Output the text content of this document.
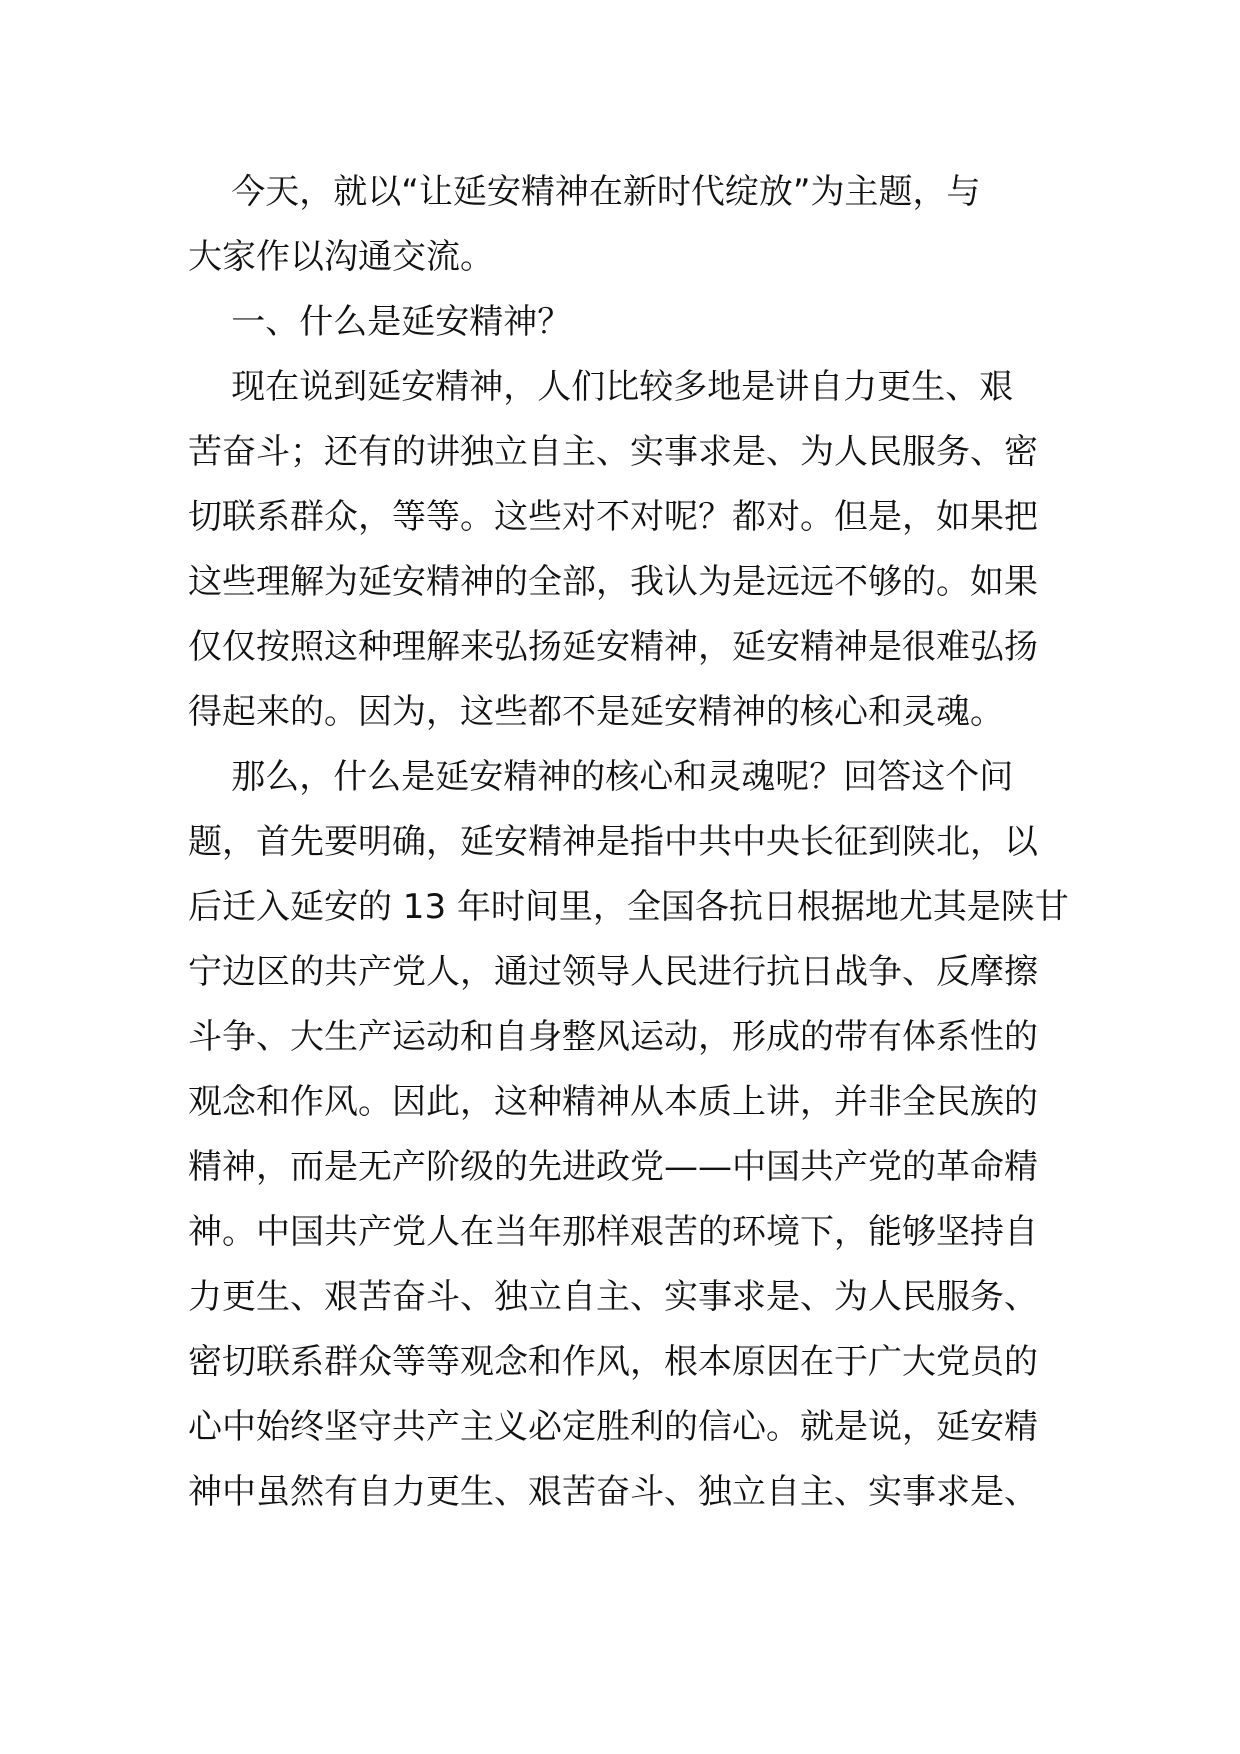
今天，就以“让延安精神在新时代绽放”为主题，与
大家作以沟通交流。
一、什么是延安精神？
现在说到延安精神，人们比较多地是讲自力更生、艰
苦奋斗；还有的讲独立自主、实事求是、为人民服务、密
切联系群众，等等。这些对不对呢？都对。但是，如果把
这些理解为延安精神的全部，我认为是远远不够的。如果
仅仅按照这种理解来弘扬延安精神，延安精神是很难弘扬
得起来的。因为，这些都不是延安精神的核心和灵魂。
那么，什么是延安精神的核心和灵魂呢？回答这个问
题，首先要明确，延安精神是指中共中央长征到陕北，以
后迁入延安的 13 年时间里，全国各抗日根据地尤其是陕甘
宁边区的共产党人，通过领导人民进行抗日战争、反摩擦
斗争、大生产运动和自身整风运动，形成的带有体系性的
观念和作风。因此，这种精神从本质上讲，并非全民族的
精神，而是无产阶级的先进政党——中国共产党的革命精
神。中国共产党人在当年那样艰苦的环境下，能够坚持自
力更生、艰苦奋斗、独立自主、实事求是、为人民服务、
密切联系群众等等观念和作风，根本原因在于广大党员的
心中始终坚守共产主义必定胜利的信心。就是说，延安精
神中虽然有自力更生、艰苦奋斗、独立自主、实事求是、
